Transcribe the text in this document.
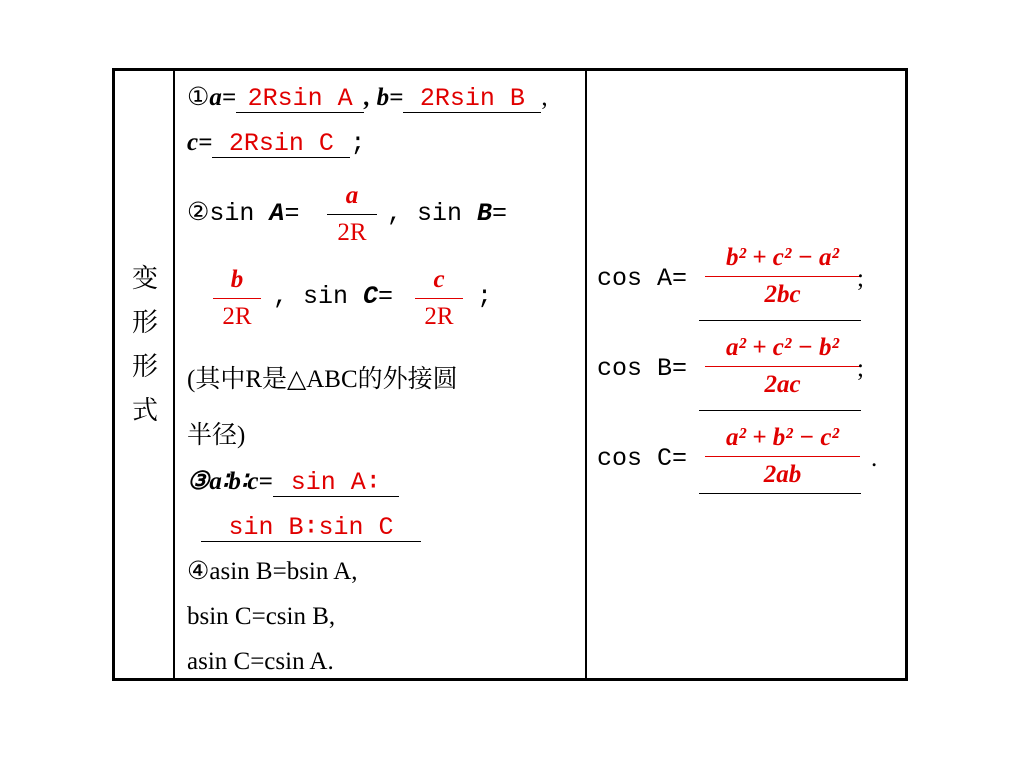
变
形
形
式
①a= 2Rsin A , b= 2Rsin B ,
c= 2Rsin C ;
②sin A=
a
2R
, sin B=
b
2R
, sin C=
c
2R
;
(其中R是△ABC的外接圆
半径)
③a∶b∶c= sin A∶
sin B∶sin C
④asin B=bsin A,
bsin C=csin B,
asin C=csin A.
cos A=
b² + c² − a²
2bc
;
cos B=
a² + c² − b²
2ac
;
cos C=
a² + b² − c²
2ab
.
